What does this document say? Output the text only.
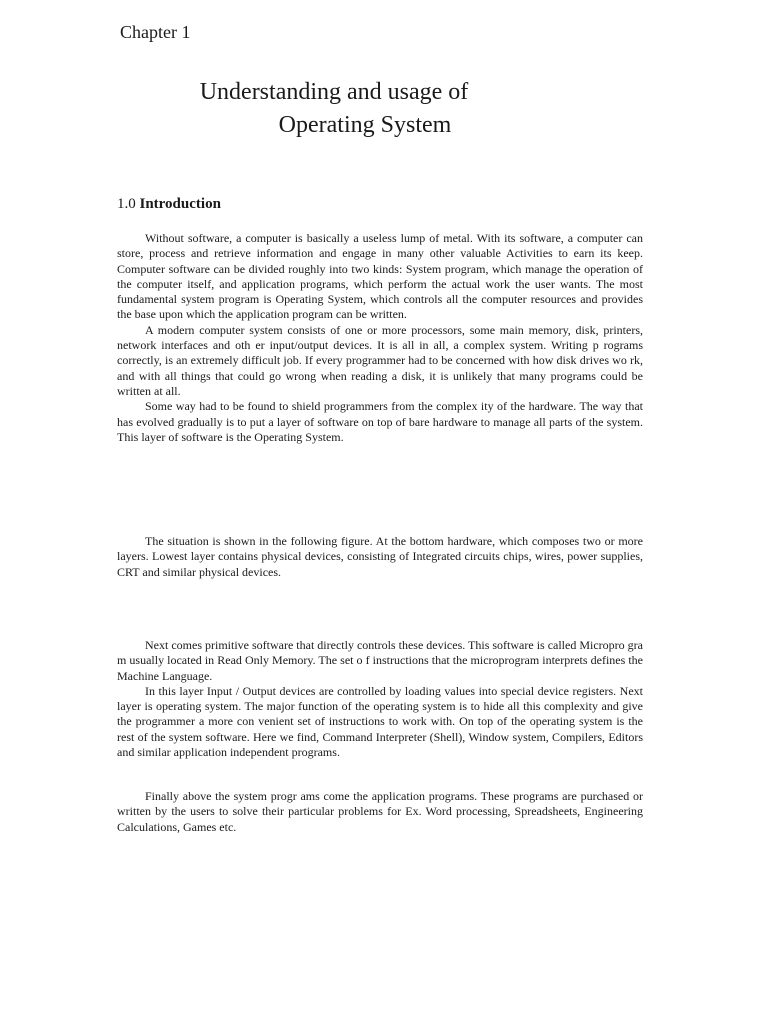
Chapter 1
Understanding and usage of
Operating System
1.0 Introduction

Without software, a computer is basically a useless lump of metal. With its software, a computer can store, process and retrieve information and engage in many other valuable Activities to earn its keep. Computer software can be divided roughly into two kinds: System program, which manage the operation of the computer itself, and application programs, which perform the actual work the user wants. The most fundamental system program is Operating System, which controls all the computer resources and provides the base upon which the application program can be written.

A modern computer system consists of one or more processors, some main memory, disk, printers, network interfaces and oth er input/output devices. It is all in all, a complex system. Writing p rograms correctly, is an extremely difficult job. If every programmer had to be concerned with how disk drives wo rk, and with all things that could go wrong when reading a disk, it is unlikely that many programs could be written at all.

Some way had to be found to shield programmers from the complex ity of the hardware. The way that has evolved gradually is to put a layer of software on top of bare hardware to manage all parts of the system. This layer of software is the Operating System.

The situation is shown in the following figure. At the bottom hardware, which composes two or more layers. Lowest layer contains physical devices, consisting of Integrated circuits chips, wires, power supplies, CRT and similar physical devices.

Next comes primitive software that directly controls these devices. This software is called Micropro gra m usually located in Read Only Memory. The set o f instructions that the microprogram interprets defines the Machine Language.

In this layer Input / Output devices are controlled by loading values into special device registers. Next layer is operating system. The major function of the operating system is to hide all this complexity and give the programmer a more con venient set of instructions to work with. On top of the operating system is the rest of the system software. Here we find, Command Interpreter (Shell), Window system, Compilers, Editors and similar application independent programs.

Finally above the system progr ams come the application programs. These programs are purchased or written by the users to solve their particular problems for Ex. Word processing, Spreadsheets, Engineering Calculations, Games etc.
